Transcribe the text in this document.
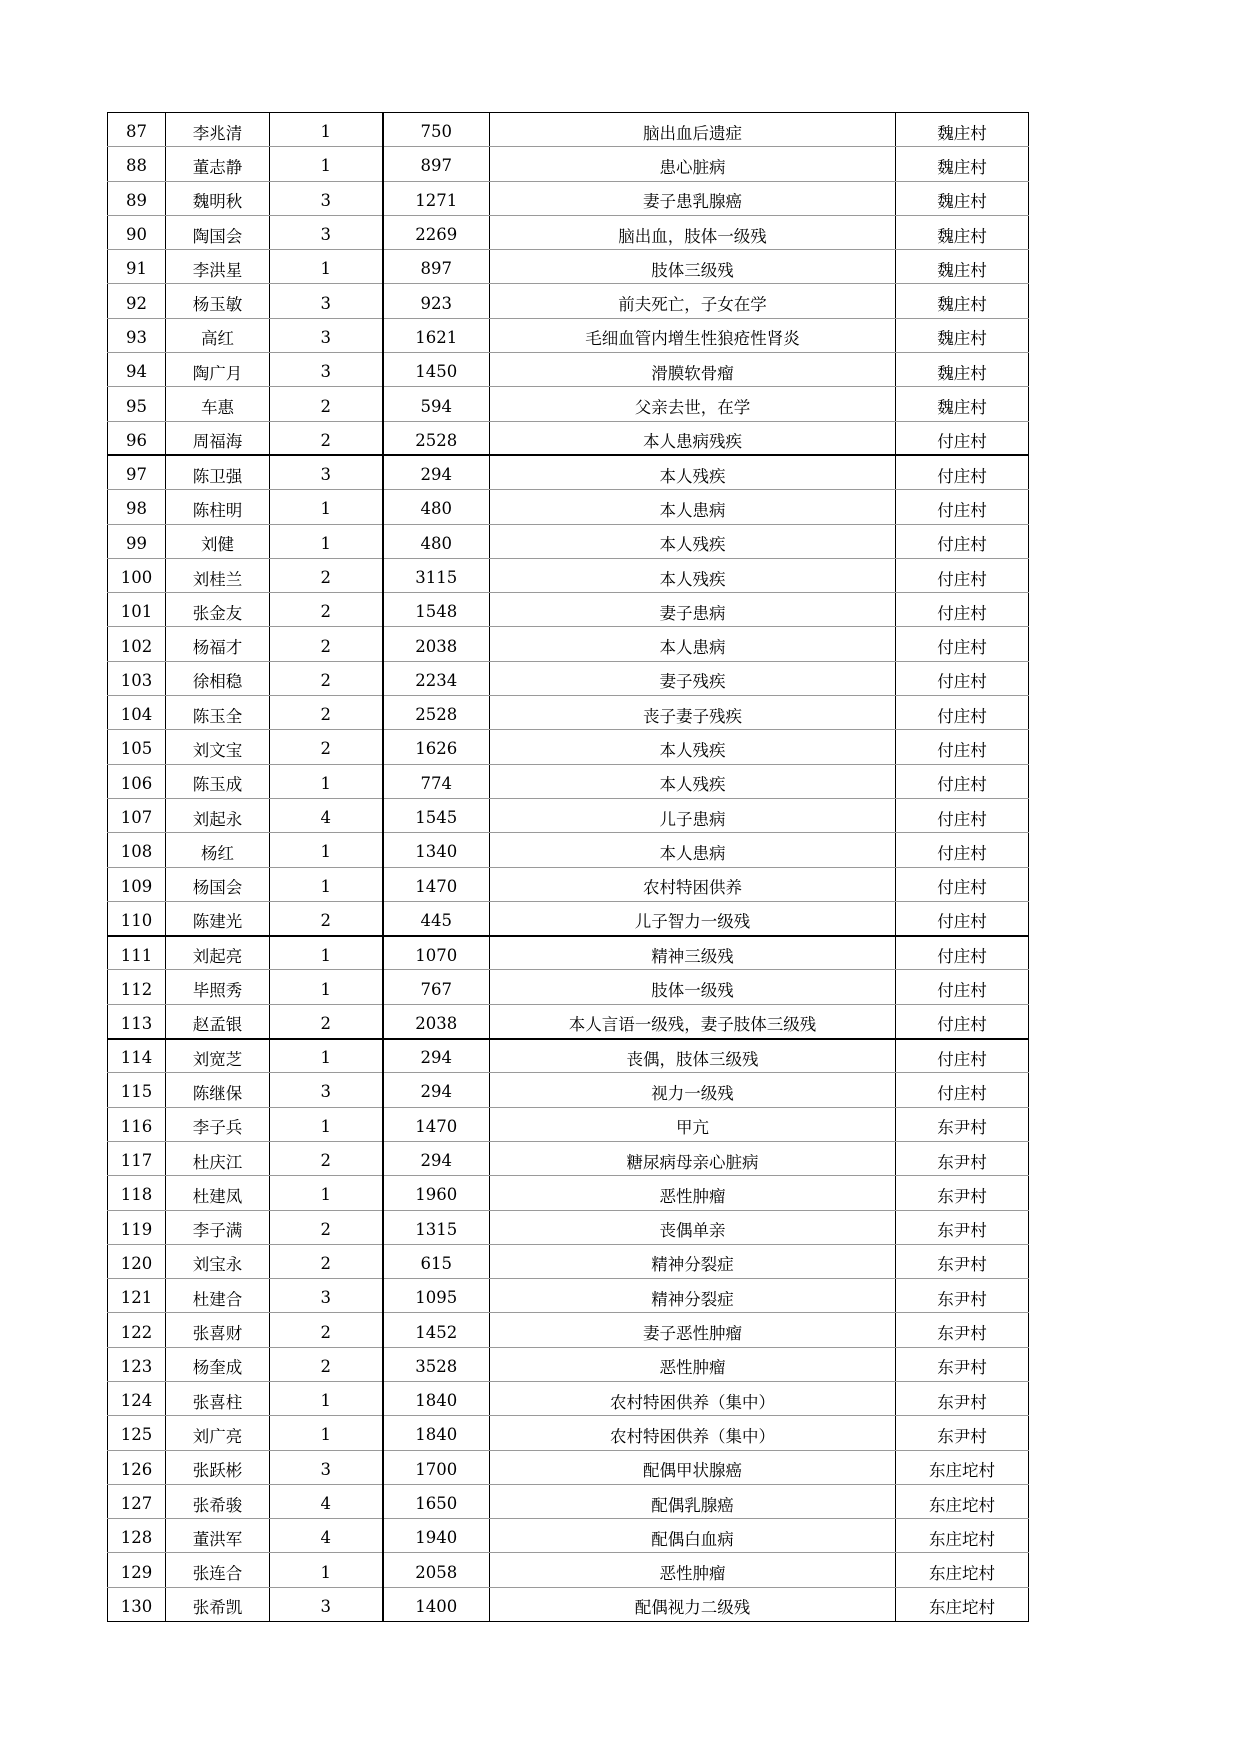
87	李兆清	1	750	脑出血后遗症	魏庄村
88	董志静	1	897	患心脏病	魏庄村
89	魏明秋	3	1271	妻子患乳腺癌	魏庄村
90	陶国会	3	2269	脑出血，肢体一级残	魏庄村
91	李洪星	1	897	肢体三级残	魏庄村
92	杨玉敏	3	923	前夫死亡，子女在学	魏庄村
93	高红	3	1621	毛细血管内增生性狼疮性肾炎	魏庄村
94	陶广月	3	1450	滑膜软骨瘤	魏庄村
95	车惠	2	594	父亲去世，在学	魏庄村
96	周福海	2	2528	本人患病残疾	付庄村
97	陈卫强	3	294	本人残疾	付庄村
98	陈柱明	1	480	本人患病	付庄村
99	刘健	1	480	本人残疾	付庄村
100	刘桂兰	2	3115	本人残疾	付庄村
101	张金友	2	1548	妻子患病	付庄村
102	杨福才	2	2038	本人患病	付庄村
103	徐相稳	2	2234	妻子残疾	付庄村
104	陈玉全	2	2528	丧子妻子残疾	付庄村
105	刘文宝	2	1626	本人残疾	付庄村
106	陈玉成	1	774	本人残疾	付庄村
107	刘起永	4	1545	儿子患病	付庄村
108	杨红	1	1340	本人患病	付庄村
109	杨国会	1	1470	农村特困供养	付庄村
110	陈建光	2	445	儿子智力一级残	付庄村
111	刘起亮	1	1070	精神三级残	付庄村
112	毕照秀	1	767	肢体一级残	付庄村
113	赵孟银	2	2038	本人言语一级残，妻子肢体三级残	付庄村
114	刘宽芝	1	294	丧偶，肢体三级残	付庄村
115	陈继保	3	294	视力一级残	付庄村
116	李子兵	1	1470	甲亢	东尹村
117	杜庆江	2	294	糖尿病母亲心脏病	东尹村
118	杜建凤	1	1960	恶性肿瘤	东尹村
119	李子满	2	1315	丧偶单亲	东尹村
120	刘宝永	2	615	精神分裂症	东尹村
121	杜建合	3	1095	精神分裂症	东尹村
122	张喜财	2	1452	妻子恶性肿瘤	东尹村
123	杨奎成	2	3528	恶性肿瘤	东尹村
124	张喜柱	1	1840	农村特困供养（集中）	东尹村
125	刘广亮	1	1840	农村特困供养（集中）	东尹村
126	张跃彬	3	1700	配偶甲状腺癌	东庄坨村
127	张希骏	4	1650	配偶乳腺癌	东庄坨村
128	董洪军	4	1940	配偶白血病	东庄坨村
129	张连合	1	2058	恶性肿瘤	东庄坨村
130	张希凯	3	1400	配偶视力二级残	东庄坨村
